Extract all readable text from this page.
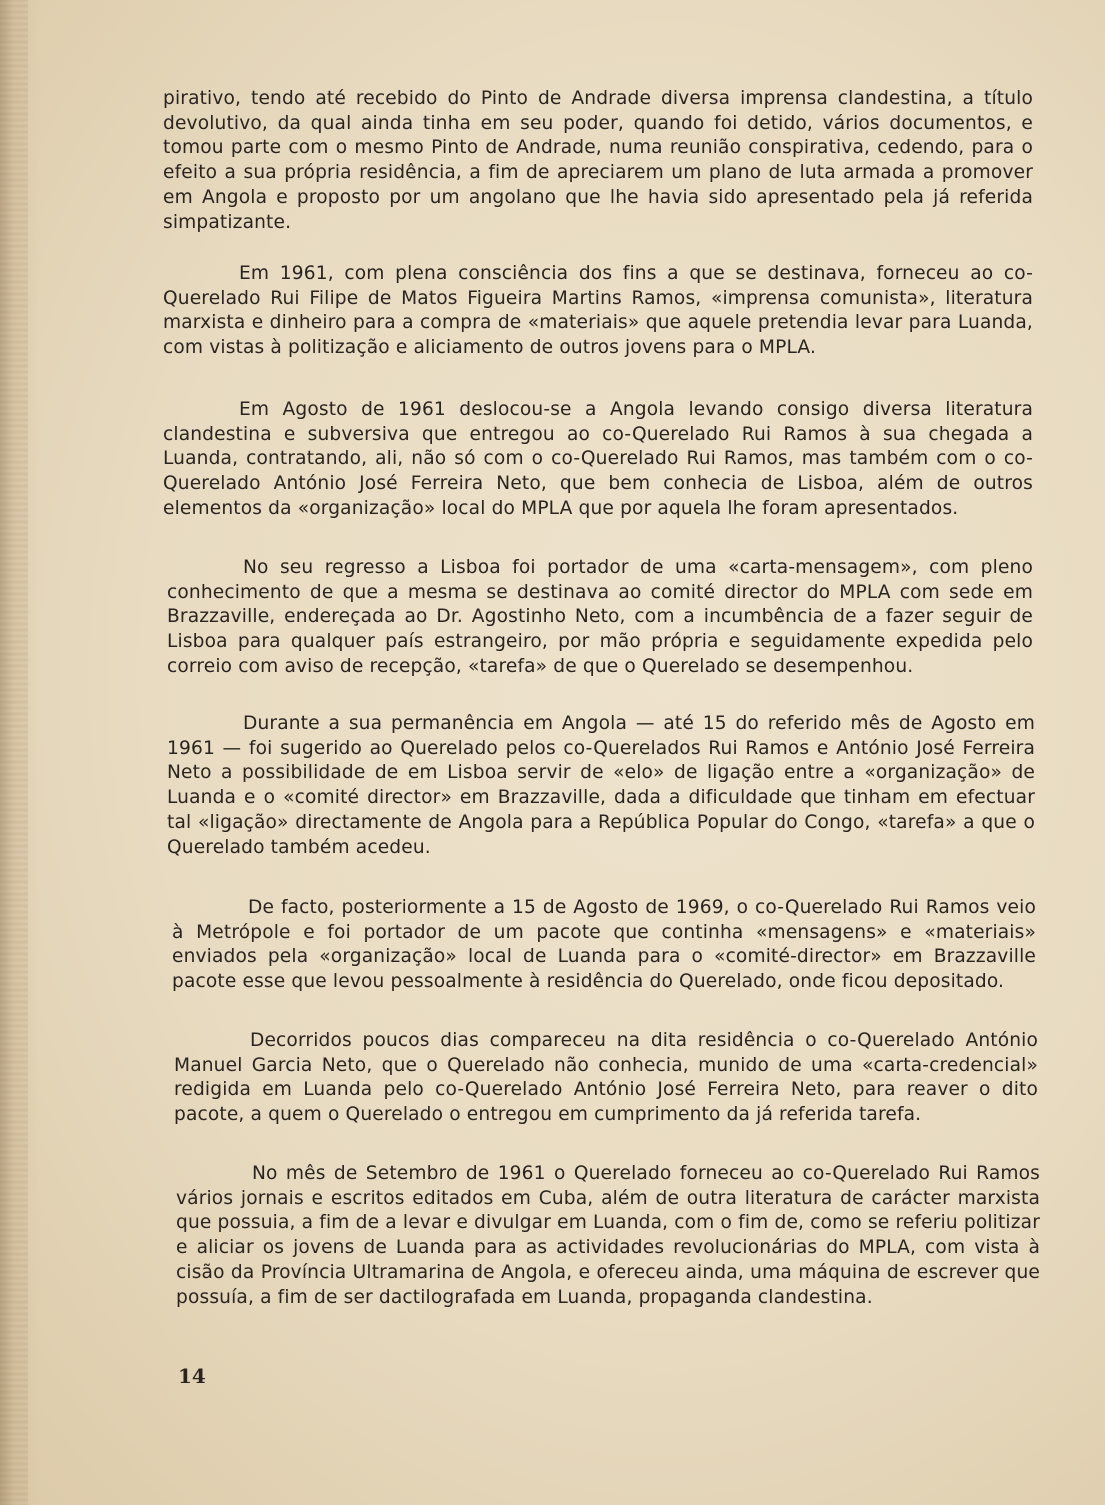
pirativo, tendo até recebido do Pinto de Andrade diversa imprensa clandestina, a título devolutivo, da qual ainda tinha em seu poder, quando foi detido, vários documentos, e tomou parte com o mesmo Pinto de Andrade, numa reunião conspirativa, cedendo, para o efeito a sua própria residência, a fim de apreciarem um plano de luta armada a promover em Angola e proposto por um angolano que lhe havia sido apresentado pela já referida simpatizante.

Em 1961, com plena consciência dos fins a que se destinava, forneceu ao co-Querelado Rui Filipe de Matos Figueira Martins Ramos, «imprensa comunista», literatura marxista e dinheiro para a compra de «materiais» que aquele pretendia levar para Luanda, com vistas à politização e aliciamento de outros jovens para o MPLA.

Em Agosto de 1961 deslocou-se a Angola levando consigo diversa literatura clandestina e subversiva que entregou ao co-Querelado Rui Ramos à sua chegada a Luanda, contratando, ali, não só com o co-Querelado Rui Ramos, mas também com o co-Querelado António José Ferreira Neto, que bem conhecia de Lisboa, além de outros elementos da «organização» local do MPLA que por aquela lhe foram apresentados.

No seu regresso a Lisboa foi portador de uma «carta-mensagem», com pleno conhecimento de que a mesma se destinava ao comité director do MPLA com sede em Brazzaville, endereçada ao Dr. Agostinho Neto, com a incumbência de a fazer seguir de Lisboa para qualquer país estrangeiro, por mão própria e seguidamente expedida pelo correio com aviso de recepção, «tarefa» de que o Querelado se desempenhou.

Durante a sua permanência em Angola — até 15 do referido mês de Agosto em 1961 — foi sugerido ao Querelado pelos co-Querelados Rui Ramos e António José Ferreira Neto a possibilidade de em Lisboa servir de «elo» de ligação entre a «organização» de Luanda e o «comité director» em Brazzaville, dada a dificuldade que tinham em efectuar tal «ligação» directamente de Angola para a República Popular do Congo, «tarefa» a que o Querelado também acedeu.

De facto, posteriormente a 15 de Agosto de 1969, o co-Querelado Rui Ramos veio à Metrópole e foi portador de um pacote que continha «mensagens» e «materiais» enviados pela «organização» local de Luanda para o «comité-director» em Brazzaville pacote esse que levou pessoalmente à residência do Querelado, onde ficou depositado.

Decorridos poucos dias compareceu na dita residência o co-Querelado António Manuel Garcia Neto, que o Querelado não conhecia, munido de uma «carta-credencial» redigida em Luanda pelo co-Querelado António José Ferreira Neto, para reaver o dito pacote, a quem o Querelado o entregou em cumprimento da já referida tarefa.

No mês de Setembro de 1961 o Querelado forneceu ao co-Querelado Rui Ramos vários jornais e escritos editados em Cuba, além de outra literatura de carácter marxista que possuia, a fim de a levar e divulgar em Luanda, com o fim de, como se referiu politizar e aliciar os jovens de Luanda para as actividades revolucionárias do MPLA, com vista à cisão da Província Ultramarina de Angola, e ofereceu ainda, uma máquina de escrever que possuía, a fim de ser dactilografada em Luanda, propaganda clandestina.

14
